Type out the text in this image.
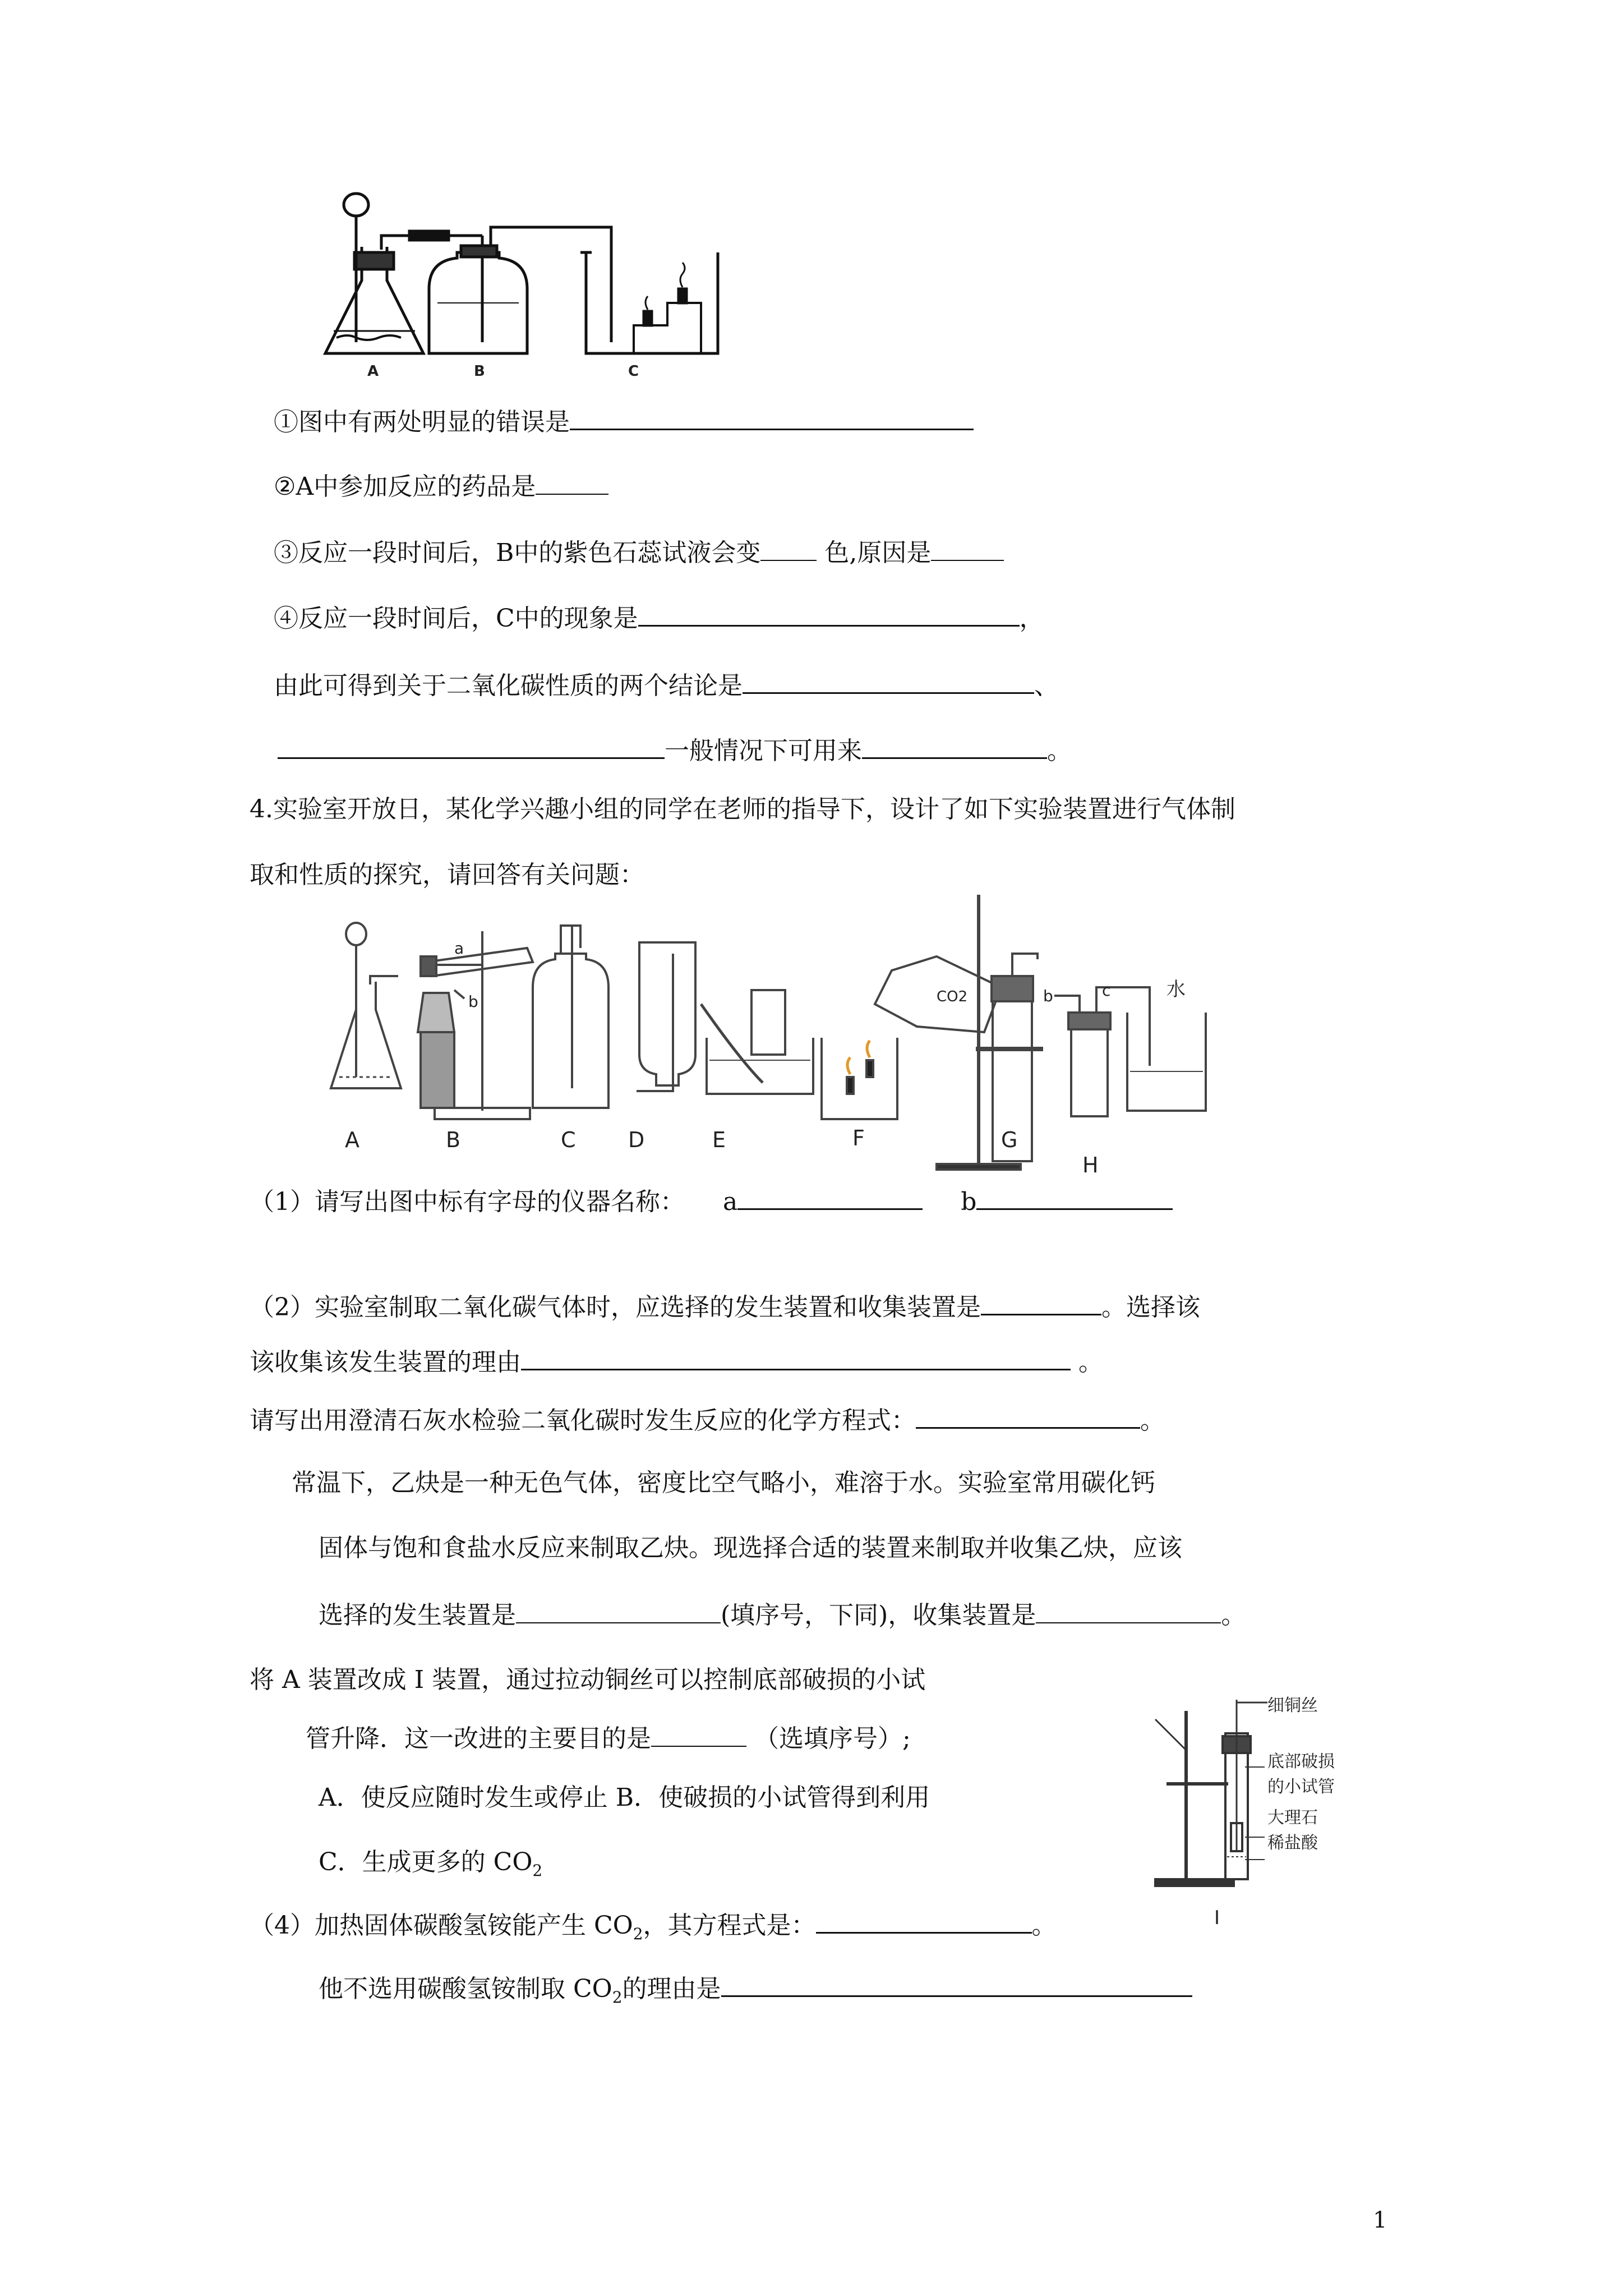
A	B	C
①图中有两处明显的错误是
②A中参加反应的药品是
③反应一段时间后，B中的紫色石蕊试液会变	色,原因是
④反应一段时间后，C中的现象是	，
由此可得到关于二氧化碳性质的两个结论是	、
一般情况下可用来	。
4.实验室开放日，某化学兴趣小组的同学在老师的指导下，设计了如下实验装置进行气体制
取和性质的探究，请回答有关问题：
a
b	CO2	b	c	水
A	B	C D	E	F	G
H
（1）请写出图中标有字母的仪器名称： a	b
（2）实验室制取二氧化碳气体时，应选择的发生装置和收集装置是	。选择该
该收集该发生装置的理由	。
请写出用澄清石灰水检验二氧化碳时发生反应的化学方程式：	。
常温下，乙炔是一种无色气体，密度比空气略小，难溶于水。实验室常用碳化钙
固体与饱和食盐水反应来制取乙炔。现选择合适的装置来制取并收集乙炔，应该
选择的发生装置是	(填序号，下同)，收集装置是	。
将 A 装置改成 I 装置，通过拉动铜丝可以控制底部破损的小试
管升降．这一改进的主要目的是	（选填序号）;
A．使反应随时发生或停止 B．使破损的小试管得到利用
C．生成更多的 $CO_2$
细铜丝
底部破损
的小试管
大理石
稀盐酸
I
（4）加热固体碳酸氢铵能产生 $CO_2$，其方程式是：	。
他不选用碳酸氢铵制取 $CO_2$的理由是
1
